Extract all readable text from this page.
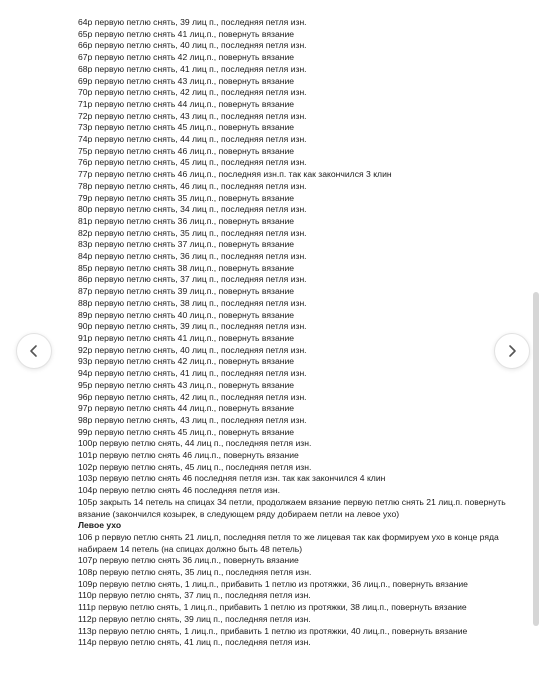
64р первую петлю снять, 39 лиц п., последняя петля изн.
65р первую петлю снять 41 лиц.п., повернуть вязание
66р первую петлю снять, 40 лиц п., последняя петля изн.
67р первую петлю снять 42 лиц.п., повернуть вязание
68р первую петлю снять, 41 лиц п., последняя петля изн.
69р первую петлю снять 43 лиц.п., повернуть вязание
70р первую петлю снять, 42 лиц п., последняя петля изн.
71р первую петлю снять 44 лиц.п., повернуть вязание
72р первую петлю снять, 43 лиц п., последняя петля изн.
73р первую петлю снять 45 лиц.п., повернуть вязание
74р первую петлю снять, 44 лиц п., последняя петля изн.
75р первую петлю снять 46 лиц.п., повернуть вязание
76р первую петлю снять, 45 лиц п., последняя петля изн.
77р первую петлю снять 46 лиц.п., последняя изн.п. так как закончился 3 клин
78р первую петлю снять, 46 лиц п., последняя петля изн.
79р первую петлю снять 35 лиц.п., повернуть вязание
80р первую петлю снять, 34 лиц п., последняя петля изн.
81р первую петлю снять 36 лиц.п., повернуть вязание
82р первую петлю снять, 35 лиц п., последняя петля изн.
83р первую петлю снять 37 лиц.п., повернуть вязание
84р первую петлю снять, 36 лиц п., последняя петля изн.
85р первую петлю снять 38 лиц.п., повернуть вязание
86р первую петлю снять, 37 лиц п., последняя петля изн.
87р первую петлю снять 39 лиц.п., повернуть вязание
88р первую петлю снять, 38 лиц п., последняя петля изн.
89р первую петлю снять 40 лиц.п., повернуть вязание
90р первую петлю снять, 39 лиц п., последняя петля изн.
91р первую петлю снять 41 лиц.п., повернуть вязание
92р первую петлю снять, 40 лиц п., последняя петля изн.
93р первую петлю снять 42 лиц.п., повернуть вязание
94р первую петлю снять, 41 лиц п., последняя петля изн.
95р первую петлю снять 43 лиц.п., повернуть вязание
96р первую петлю снять, 42 лиц п., последняя петля изн.
97р первую петлю снять 44 лиц.п., повернуть вязание
98р первую петлю снять, 43 лиц п., последняя петля изн.
99р первую петлю снять 45 лиц.п., повернуть вязание
100р первую петлю снять, 44 лиц п., последняя петля изн.
101р первую петлю снять 46 лиц.п., повернуть вязание
102р первую петлю снять, 45 лиц п., последняя петля изн.
103р первую петлю снять 46 последняя петля изн. так как закончился 4 клин
104р первую петлю снять 46 последняя петля изн.
105р закрыть 14 петель на спицах 34 петли, продолжаем вязание первую петлю снять 21 лиц.п. повернуть вязание (закончился козырек, в следующем ряду добираем петли на левое ухо)
Левое ухо
106 р первую петлю снять 21 лиц.п, последняя петля то же лицевая так как формируем ухо в конце ряда набираем 14 петель (на спицах должно быть 48 петель)
107р первую петлю снять 36 лиц.п., повернуть вязание
108р первую петлю снять, 35 лиц п., последняя петля изн.
109р первую петлю снять, 1 лиц.п., прибавить 1 петлю из протяжки, 36 лиц.п., повернуть вязание
110р первую петлю снять, 37 лиц п., последняя петля изн.
111р первую петлю снять, 1 лиц.п., прибавить 1 петлю из протяжки, 38 лиц.п., повернуть вязание
112р первую петлю снять, 39 лиц п., последняя петля изн.
113р первую петлю снять, 1 лиц.п., прибавить 1 петлю из протяжки, 40 лиц.п., повернуть вязание
114р первую петлю снять, 41 лиц п., последняя петля изн.
